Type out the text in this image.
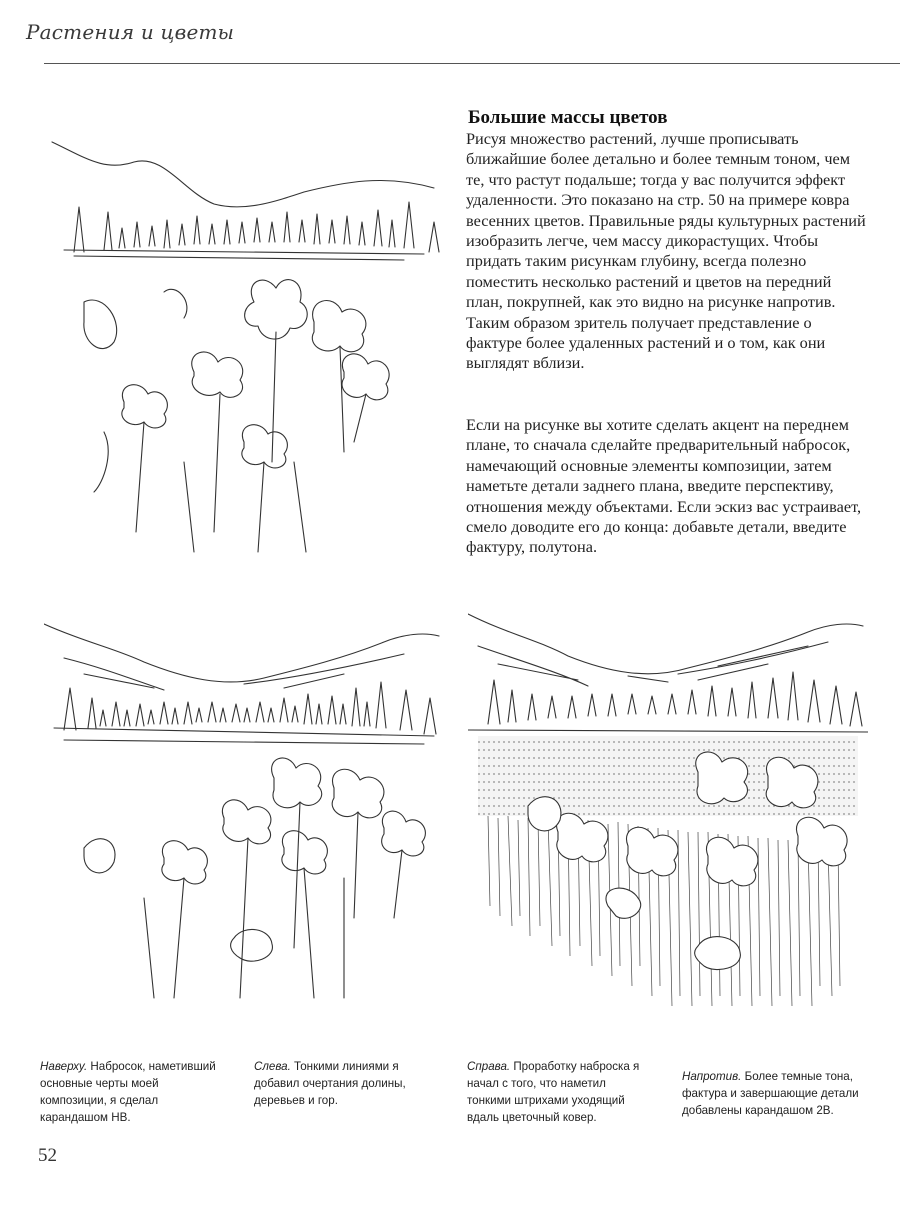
Растения и цветы
Большие массы цветов
Рисуя множество растений, лучше прописывать ближайшие более детально и более темным тоном, чем те, что растут подальше; тогда у вас получится эффект удаленности. Это показано на стр. 50 на примере ковра весенних цветов. Правильные ряды культурных растений изобразить легче, чем массу дикорастущих. Чтобы придать таким рисункам глубину, всегда полезно поместить несколько растений и цветов на передний план, покрупней, как это видно на рисунке напротив. Таким образом зритель получает представление о фактуре более удаленных растений и о том, как они выглядят вблизи.
Если на рисунке вы хотите сделать акцент на переднем плане, то сначала сделайте предварительный набросок, намечающий основные элементы композиции, затем наметьте детали заднего плана, введите перспективу, отношения между объектами. Если эскиз вас устраивает, смело доводите его до конца: добавьте детали, введите фактуру, полутона.
Наверху. Набросок, наметивший основные черты моей композиции, я сделал карандашом HB.
Слева. Тонкими линиями я добавил очертания долины, деревьев и гор.
Справа. Проработку наброска я начал с того, что наметил тонкими штрихами уходящий вдаль цветочный ковер.
Напротив. Более темные тона, фактура и завершающие детали добавлены карандашом 2B.
52
